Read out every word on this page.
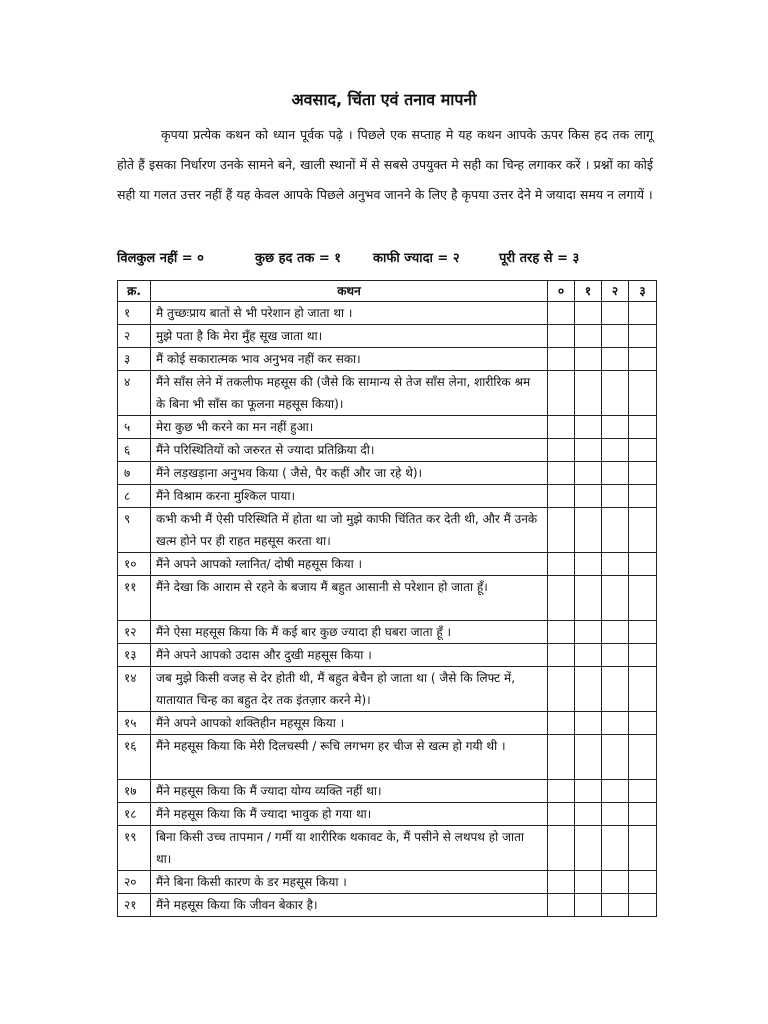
अवसाद, चिंता एवं तनाव मापनी
कृपया प्रत्येक कथन को ध्यान पूर्वक पढ़े । पिछले एक सप्ताह मे यह कथन आपके ऊपर किस हद तक लागू होते हैं इसका निर्धारण उनके सामने बने, खाली स्थानों में से सबसे उपयुक्त मे सही का चिन्ह लगाकर करें । प्रश्नों का कोई सही या गलत उत्तर नहीं हैं यह केवल आपके पिछले अनुभव जानने के लिए है कृपया उत्तर देने मे जयादा समय न लगायें ।
विलकुल नहीं = ०	कुछ हद तक = १ काफी ज्यादा = २	पूरी तरह से = ३
क्र.	कथन	०	१	२	३
१	मै तुच्छःप्राय बातों से भी परेशान हो जाता था ।				
२	मुझे पता है कि मेरा मुँह सूख जाता था।				
३	मैं कोई सकारात्मक भाव अनुभव नहीं कर सका।				
४	मैंने साँस लेने में तकलीफ महसूस की (जैसे कि सामान्य से तेज साँस लेना, शारीरिक श्रम के बिना भी साँस का फूलना महसूस किया)।				
५	मेरा कुछ भी करने का मन नहीं हुआ।				
६	मैंने परिस्थितियों को जरुरत से ज्यादा प्रतिक्रिया दी।				
७	मैंने लड़खड़ाना अनुभव किया ( जैसे, पैर कहीं और जा रहे थे)।				
८	मैंने विश्राम करना मुश्किल पाया।				
९	कभी कभी मैं ऐसी परिस्थिति में होता था जो मुझे काफी चिंतित कर देती थी, और मैं उनके खत्म होने पर ही राहत महसूस करता था।				
१०	मैंने अपने आपको ग्लानित/ दोषी महसूस किया ।				
११	मैंने देखा कि आराम से रहने के बजाय मैं बहुत आसानी से परेशान हो जाता हूँ।				
१२	मैंने ऐसा महसूस किया कि मैं कई बार कुछ ज्यादा ही घबरा जाता हूँ ।				
१३	मैंने अपने आपको उदास और दुखी महसूस किया ।				
१४	जब मुझे किसी वजह से देर होती थी, मैं बहुत बेचैन हो जाता था ( जैसे कि लिफ्ट में, यातायात चिन्ह का बहुत देर तक इंतज़ार करने मे)।				
१५	मैंने अपने आपको शक्तिहीन महसूस किया ।				
१६	मैंने महसूस किया कि मेरी दिलचस्पी / रूचि लगभग हर चीज से खत्म हो गयी थी ।				
१७	मैंने महसूस किया कि मैं ज्यादा योग्य व्यक्ति नहीं था।				
१८	मैंने महसूस किया कि मैं ज्यादा भावुक हो गया था।				
१९	बिना किसी उच्च तापमान / गर्मी या शारीरिक थकावट के, मैं पसीने से लथपथ हो जाता था।				
२०	मैंने बिना किसी कारण के डर महसूस किया ।				
२१	मैंने महसूस किया कि जीवन बेकार है।				
